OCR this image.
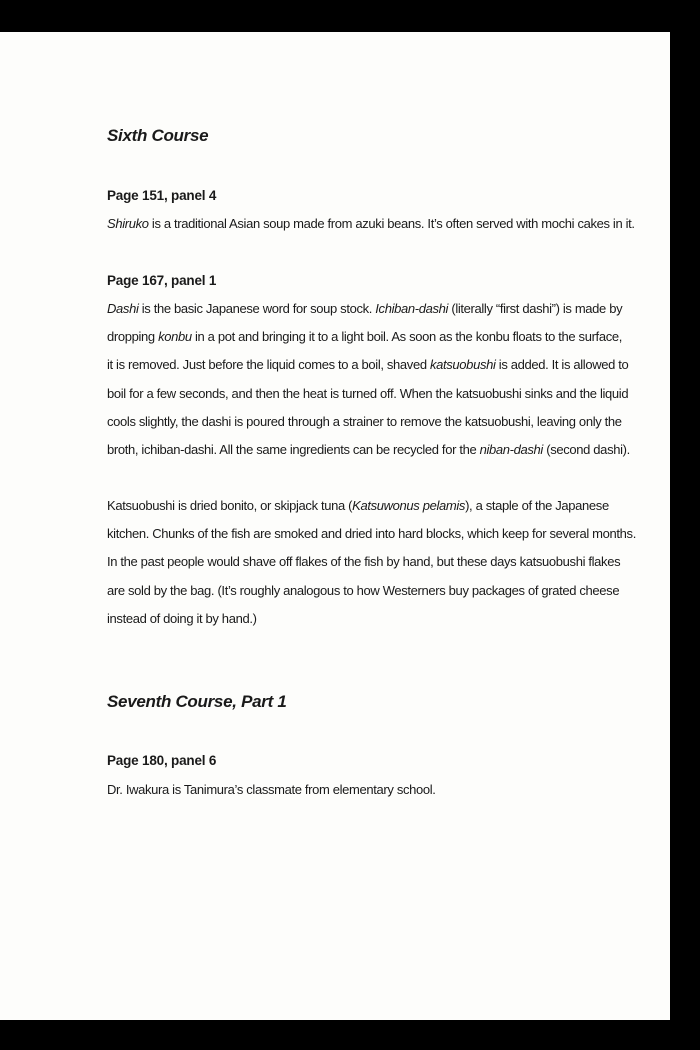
Sixth Course
Page 151, panel 4

Shiruko is a traditional Asian soup made from azuki beans. It’s often served with mochi cakes in it.

Page 167, panel 1

Dashi is the basic Japanese word for soup stock. Ichiban-dashi (literally “first dashi”) is made by
dropping konbu in a pot and bringing it to a light boil. As soon as the konbu floats to the surface,
it is removed. Just before the liquid comes to a boil, shaved katsuobushi is added. It is allowed to
boil for a few seconds, and then the heat is turned off. When the katsuobushi sinks and the liquid
cools slightly, the dashi is poured through a strainer to remove the katsuobushi, leaving only the
broth, ichiban-dashi. All the same ingredients can be recycled for the niban-dashi (second dashi).

Katsuobushi is dried bonito, or skipjack tuna (Katsuwonus pelamis), a staple of the Japanese
kitchen. Chunks of the fish are smoked and dried into hard blocks, which keep for several months.
In the past people would shave off flakes of the fish by hand, but these days katsuobushi flakes
are sold by the bag. (It’s roughly analogous to how Westerners buy packages of grated cheese
instead of doing it by hand.)

Seventh Course, Part 1
Page 180, panel 6

Dr. Iwakura is Tanimura’s classmate from elementary school.
